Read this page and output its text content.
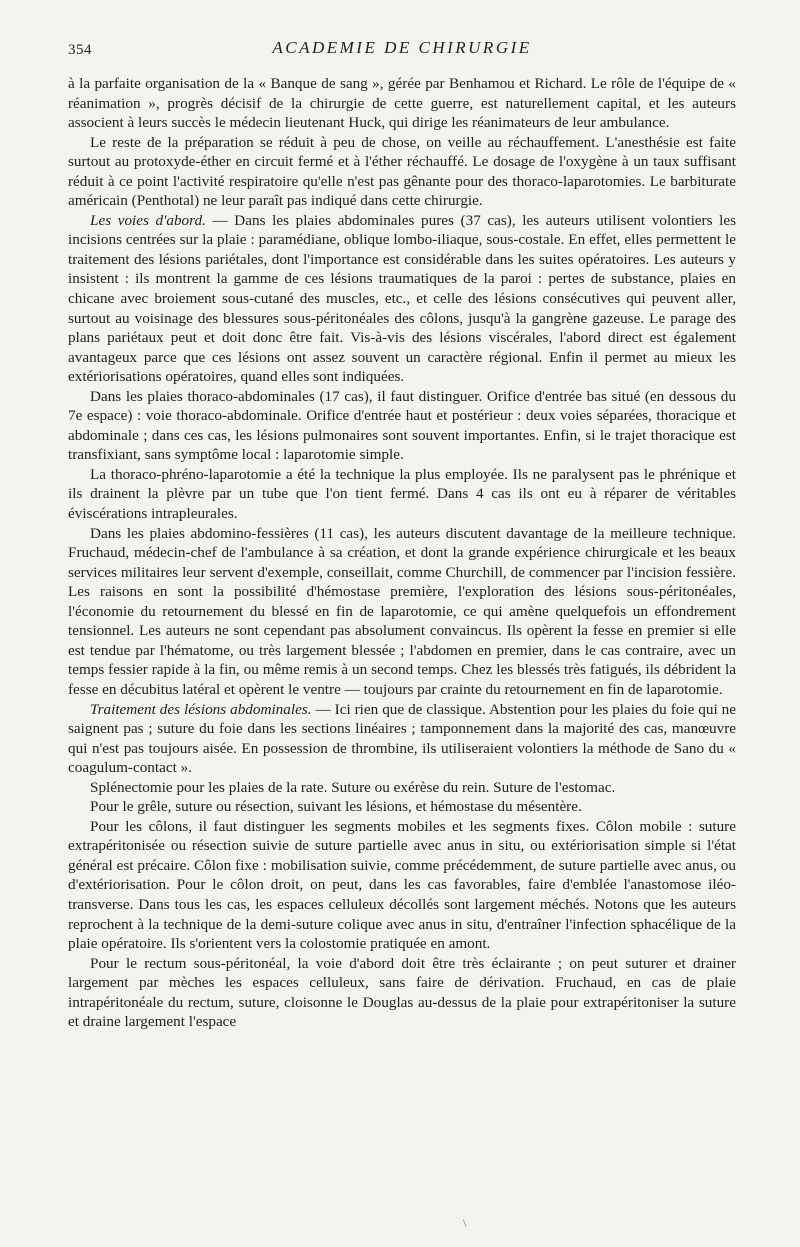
354	ACADEMIE DE CHIRURGIE

à la parfaite organisation de la « Banque de sang », gérée par Benhamou et Richard. Le rôle de l'équipe de « réanimation », progrès décisif de la chirurgie de cette guerre, est naturellement capital, et les auteurs associent à leurs succès le médecin lieutenant Huck, qui dirige les réanimateurs de leur ambulance.

Le reste de la préparation se réduit à peu de chose, on veille au réchauffement. L'anesthésie est faite surtout au protoxyde-éther en circuit fermé et à l'éther réchauffé. Le dosage de l'oxygène à un taux suffisant réduit à ce point l'activité respiratoire qu'elle n'est pas gênante pour des thoraco-laparotomies. Le barbiturate américain (Penthotal) ne leur paraît pas indiqué dans cette chirurgie.

Les voies d'abord. — Dans les plaies abdominales pures (37 cas), les auteurs utilisent volontiers les incisions centrées sur la plaie : paramédiane, oblique lombo-iliaque, sous-costale. En effet, elles permettent le traitement des lésions pariétales, dont l'importance est considérable dans les suites opératoires. Les auteurs y insistent : ils montrent la gamme de ces lésions traumatiques de la paroi : pertes de substance, plaies en chicane avec broiement sous-cutané des muscles, etc., et celle des lésions consécutives qui peuvent aller, surtout au voisinage des blessures sous-péritonéales des côlons, jusqu'à la gangrène gazeuse. Le parage des plans pariétaux peut et doit donc être fait. Vis-à-vis des lésions viscérales, l'abord direct est également avantageux parce que ces lésions ont assez souvent un caractère régional. Enfin il permet au mieux les extériorisations opératoires, quand elles sont indiquées.

Dans les plaies thoraco-abdominales (17 cas), il faut distinguer. Orifice d'entrée bas situé (en dessous du 7e espace) : voie thoraco-abdominale. Orifice d'entrée haut et postérieur : deux voies séparées, thoracique et abdominale ; dans ces cas, les lésions pulmonaires sont souvent importantes. Enfin, si le trajet thoracique est transfixiant, sans symptôme local : laparotomie simple.

La thoraco-phréno-laparotomie a été la technique la plus employée. Ils ne paralysent pas le phrénique et ils drainent la plèvre par un tube que l'on tient fermé. Dans 4 cas ils ont eu à réparer de véritables éviscérations intrapleurales.

Dans les plaies abdomino-fessières (11 cas), les auteurs discutent davantage de la meilleure technique. Fruchaud, médecin-chef de l'ambulance à sa création, et dont la grande expérience chirurgicale et les beaux services militaires leur servent d'exemple, conseillait, comme Churchill, de commencer par l'incision fessière. Les raisons en sont la possibilité d'hémostase première, l'exploration des lésions sous-péritonéales, l'économie du retournement du blessé en fin de laparotomie, ce qui amène quelquefois un effondrement tensionnel. Les auteurs ne sont cependant pas absolument convaincus. Ils opèrent la fesse en premier si elle est tendue par l'hématome, ou très largement blessée ; l'abdomen en premier, dans le cas contraire, avec un temps fessier rapide à la fin, ou même remis à un second temps. Chez les blessés très fatigués, ils débrident la fesse en décubitus latéral et opèrent le ventre — toujours par crainte du retournement en fin de laparotomie.

Traitement des lésions abdominales. — Ici rien que de classique. Abstention pour les plaies du foie qui ne saignent pas ; suture du foie dans les sections linéaires ; tamponnement dans la majorité des cas, manœuvre qui n'est pas toujours aisée. En possession de thrombine, ils utiliseraient volontiers la méthode de Sano du « coagulum-contact ».

Splénectomie pour les plaies de la rate. Suture ou exérèse du rein. Suture de l'estomac.

Pour le grêle, suture ou résection, suivant les lésions, et hémostase du mésentère.

Pour les côlons, il faut distinguer les segments mobiles et les segments fixes. Côlon mobile : suture extrapéritonisée ou résection suivie de suture partielle avec anus in situ, ou extériorisation simple si l'état général est précaire. Côlon fixe : mobilisation suivie, comme précédemment, de suture partielle avec anus, ou d'extériorisation. Pour le côlon droit, on peut, dans les cas favorables, faire d'emblée l'anastomose iléo-transverse. Dans tous les cas, les espaces celluleux décollés sont largement méchés. Notons que les auteurs reprochent à la technique de la demi-suture colique avec anus in situ, d'entraîner l'infection sphacélique de la plaie opératoire. Ils s'orientent vers la colostomie pratiquée en amont.

Pour le rectum sous-péritonéal, la voie d'abord doit être très éclairante ; on peut suturer et drainer largement par mèches les espaces celluleux, sans faire de dérivation. Fruchaud, en cas de plaie intrapéritonéale du rectum, suture, cloisonne le Douglas au-dessus de la plaie pour extrapéritoniser la suture et draine largement l'espace

\
